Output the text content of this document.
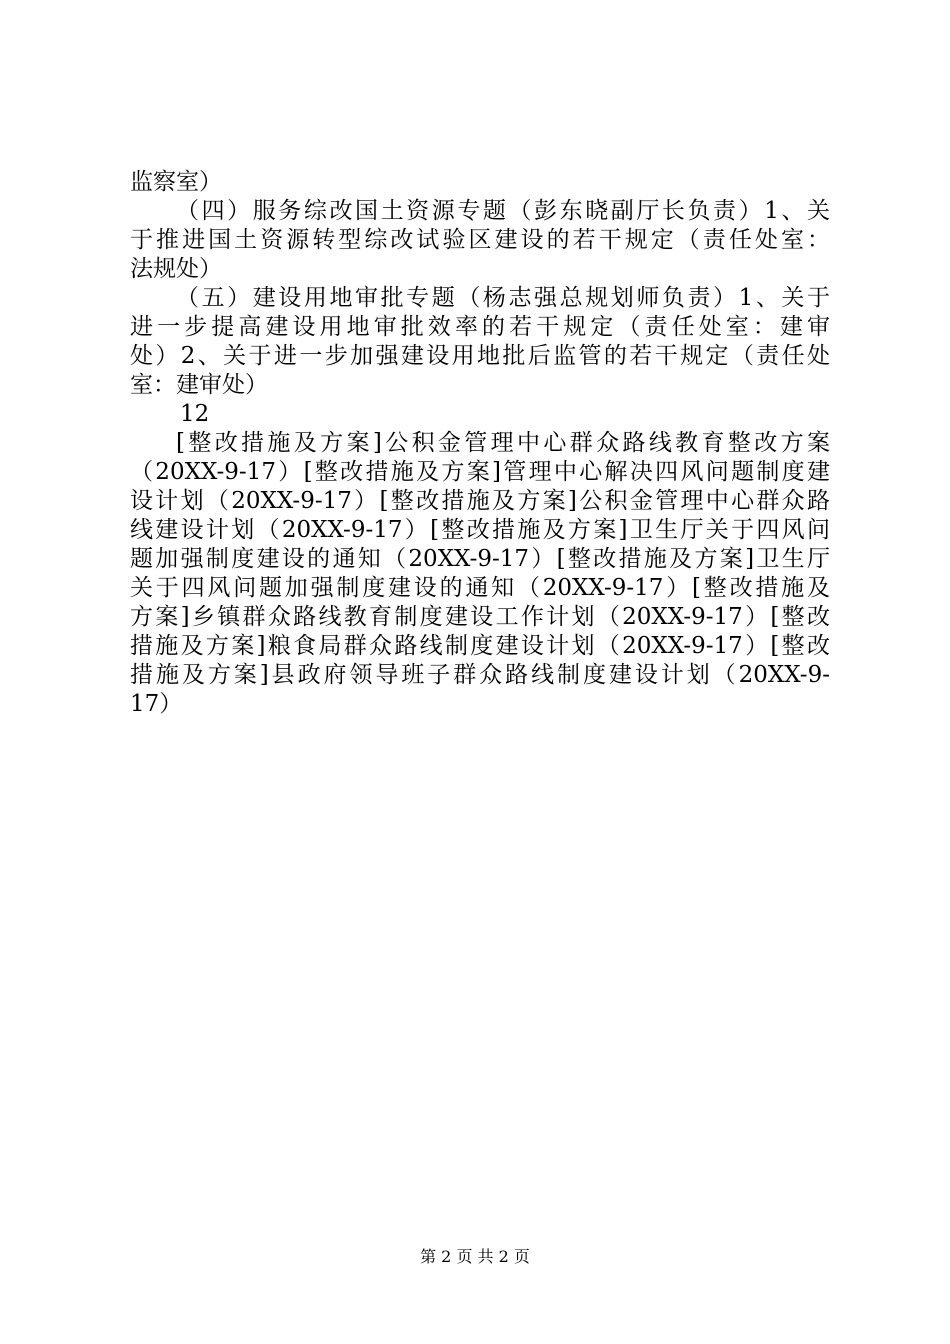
监察室）
（四）服务综改国土资源专题（彭东晓副厅长负责）1、关
于推进国土资源转型综改试验区建设的若干规定（责任处室：
法规处）
（五）建设用地审批专题（杨志强总规划师负责）1、关于
进一步提高建设用地审批效率的若干规定（责任处室：建审
处）2、关于进一步加强建设用地批后监管的若干规定（责任处
室：建审处）
12
[整改措施及方案]公积金管理中心群众路线教育整改方案
（20XX-9-17）[整改措施及方案]管理中心解决四风问题制度建
设计划（20XX-9-17）[整改措施及方案]公积金管理中心群众路
线建设计划（20XX-9-17）[整改措施及方案]卫生厅关于四风问
题加强制度建设的通知（20XX-9-17）[整改措施及方案]卫生厅
关于四风问题加强制度建设的通知（20XX-9-17）[整改措施及
方案]乡镇群众路线教育制度建设工作计划（20XX-9-17）[整改
措施及方案]粮食局群众路线制度建设计划（20XX-9-17）[整改
措施及方案]县政府领导班子群众路线制度建设计划（20XX-9-
17）
第 2 页 共 2 页
